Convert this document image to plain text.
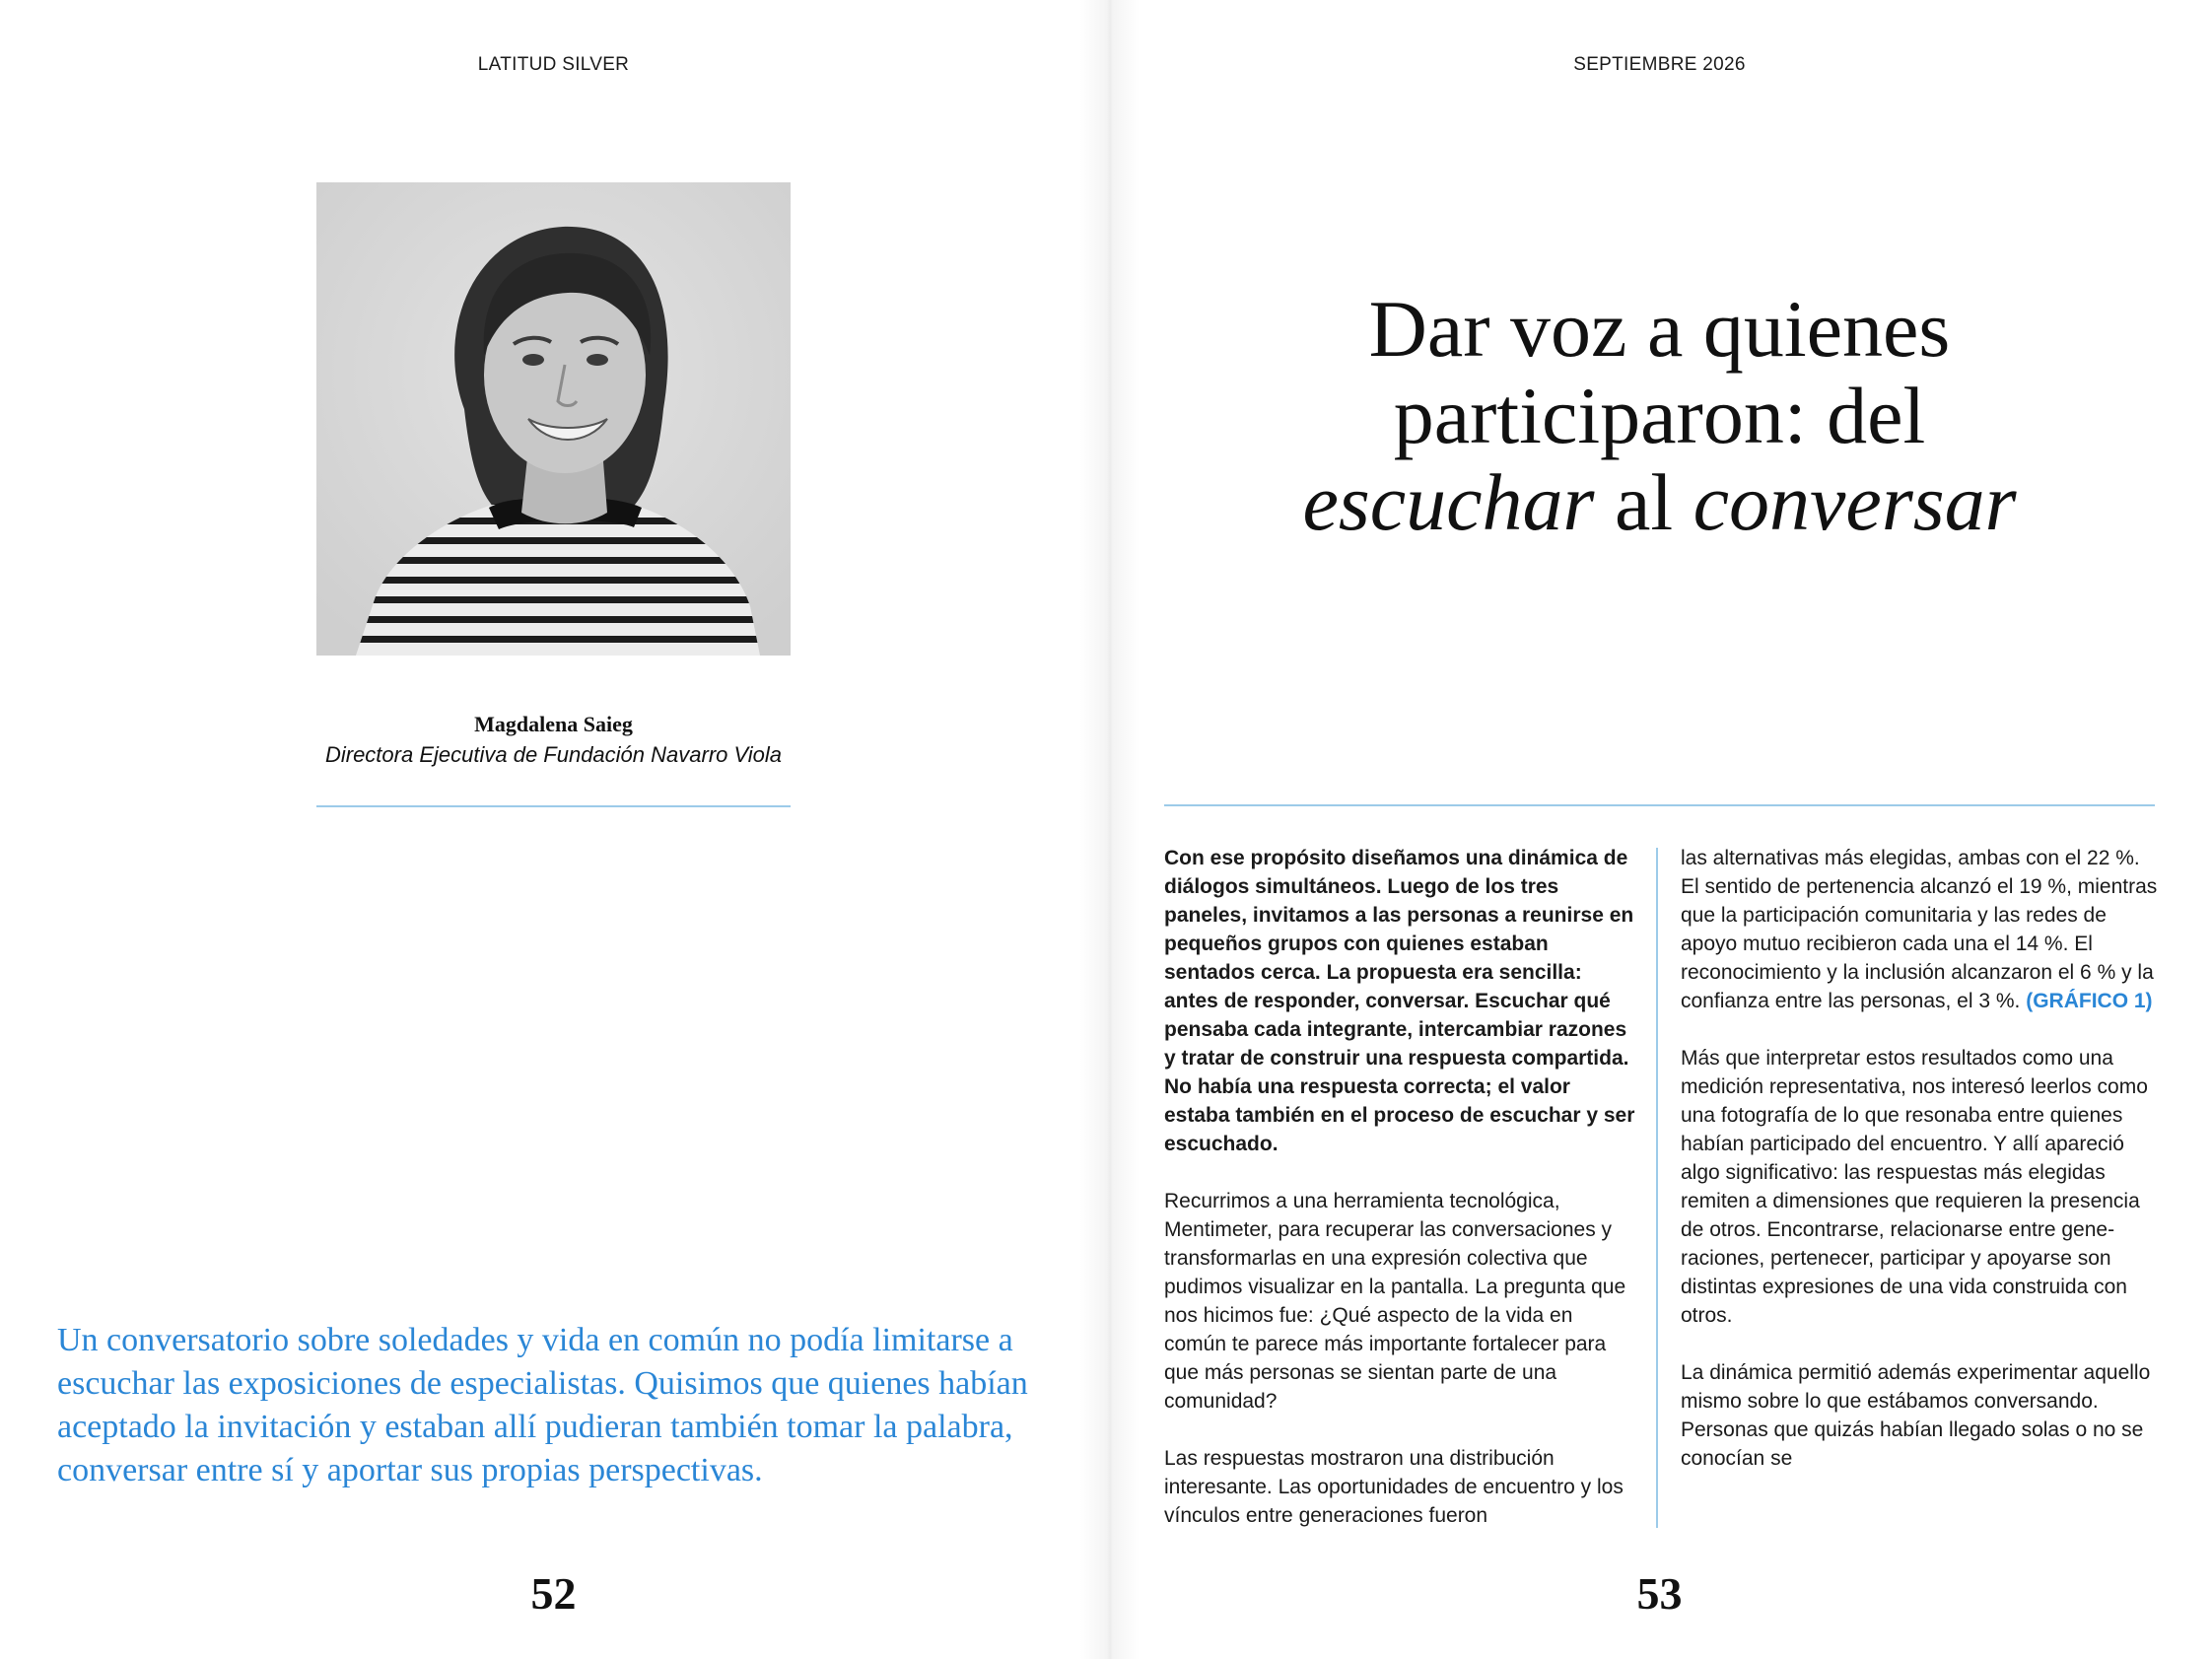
LATITUD SILVER
Magdalena Saieg
Directora Ejecutiva de Fundación Navarro Viola

Un conversatorio sobre soledades y vida en común no podía limitarse a escuchar las exposiciones de especialistas. Quisimos que quienes habían aceptado la invitación y estaban allí pudieran también tomar la palabra, conversar entre sí y aportar sus propias perspectivas.

52
SEPTIEMBRE 2026
Dar voz a quienes
participaron: del
escuchar al conversar

Con ese propósito diseñamos una dinámica de diálogos simultáneos. Luego de los tres paneles, invitamos a las personas a reunirse en pequeños grupos con quienes estaban sentados cerca. La propuesta era sencilla: antes de responder, conversar. Escuchar qué pensaba cada integrante, intercambiar razones y tratar de construir una respuesta compartida. No había una respuesta correcta; el valor estaba también en el proceso de escuchar y ser escuchado.

Recurrimos a una herramienta tecnológica, Mentimeter, para recuperar las conversaciones y transformarlas en una expresión colectiva que pudimos visualizar en la pantalla. La pregunta que nos hicimos fue: ¿Qué aspecto de la vida en común te parece más importante fortalecer para que más personas se sientan parte de una comunidad?

Las respuestas mostraron una distribución interesante. Las oportunidades de encuentro y los vínculos entre generaciones fueron

las alternativas más elegidas, ambas con el 22 %. El sentido de pertenencia alcanzó el 19 %, mientras que la participación comunitaria y las redes de apoyo mutuo recibieron cada una el 14 %. El reconocimiento y la inclusión alcanzaron el 6 % y la confianza entre las personas, el 3 %. (GRÁFICO 1)

Más que interpretar estos resultados como una medición representativa, nos interesó leerlos como una fotografía de lo que resonaba entre quienes habían participado del encuentro. Y allí apareció algo significativo: las respuestas más elegidas remiten a dimensiones que requieren la presencia de otros. Encontrarse, relacionarse entre generaciones, pertenecer, participar y apoyarse son distintas expresiones de una vida construida con otros.

La dinámica permitió además experimentar aquello mismo sobre lo que estábamos conversando. Personas que quizás habían llegado solas o no se conocían se

53
